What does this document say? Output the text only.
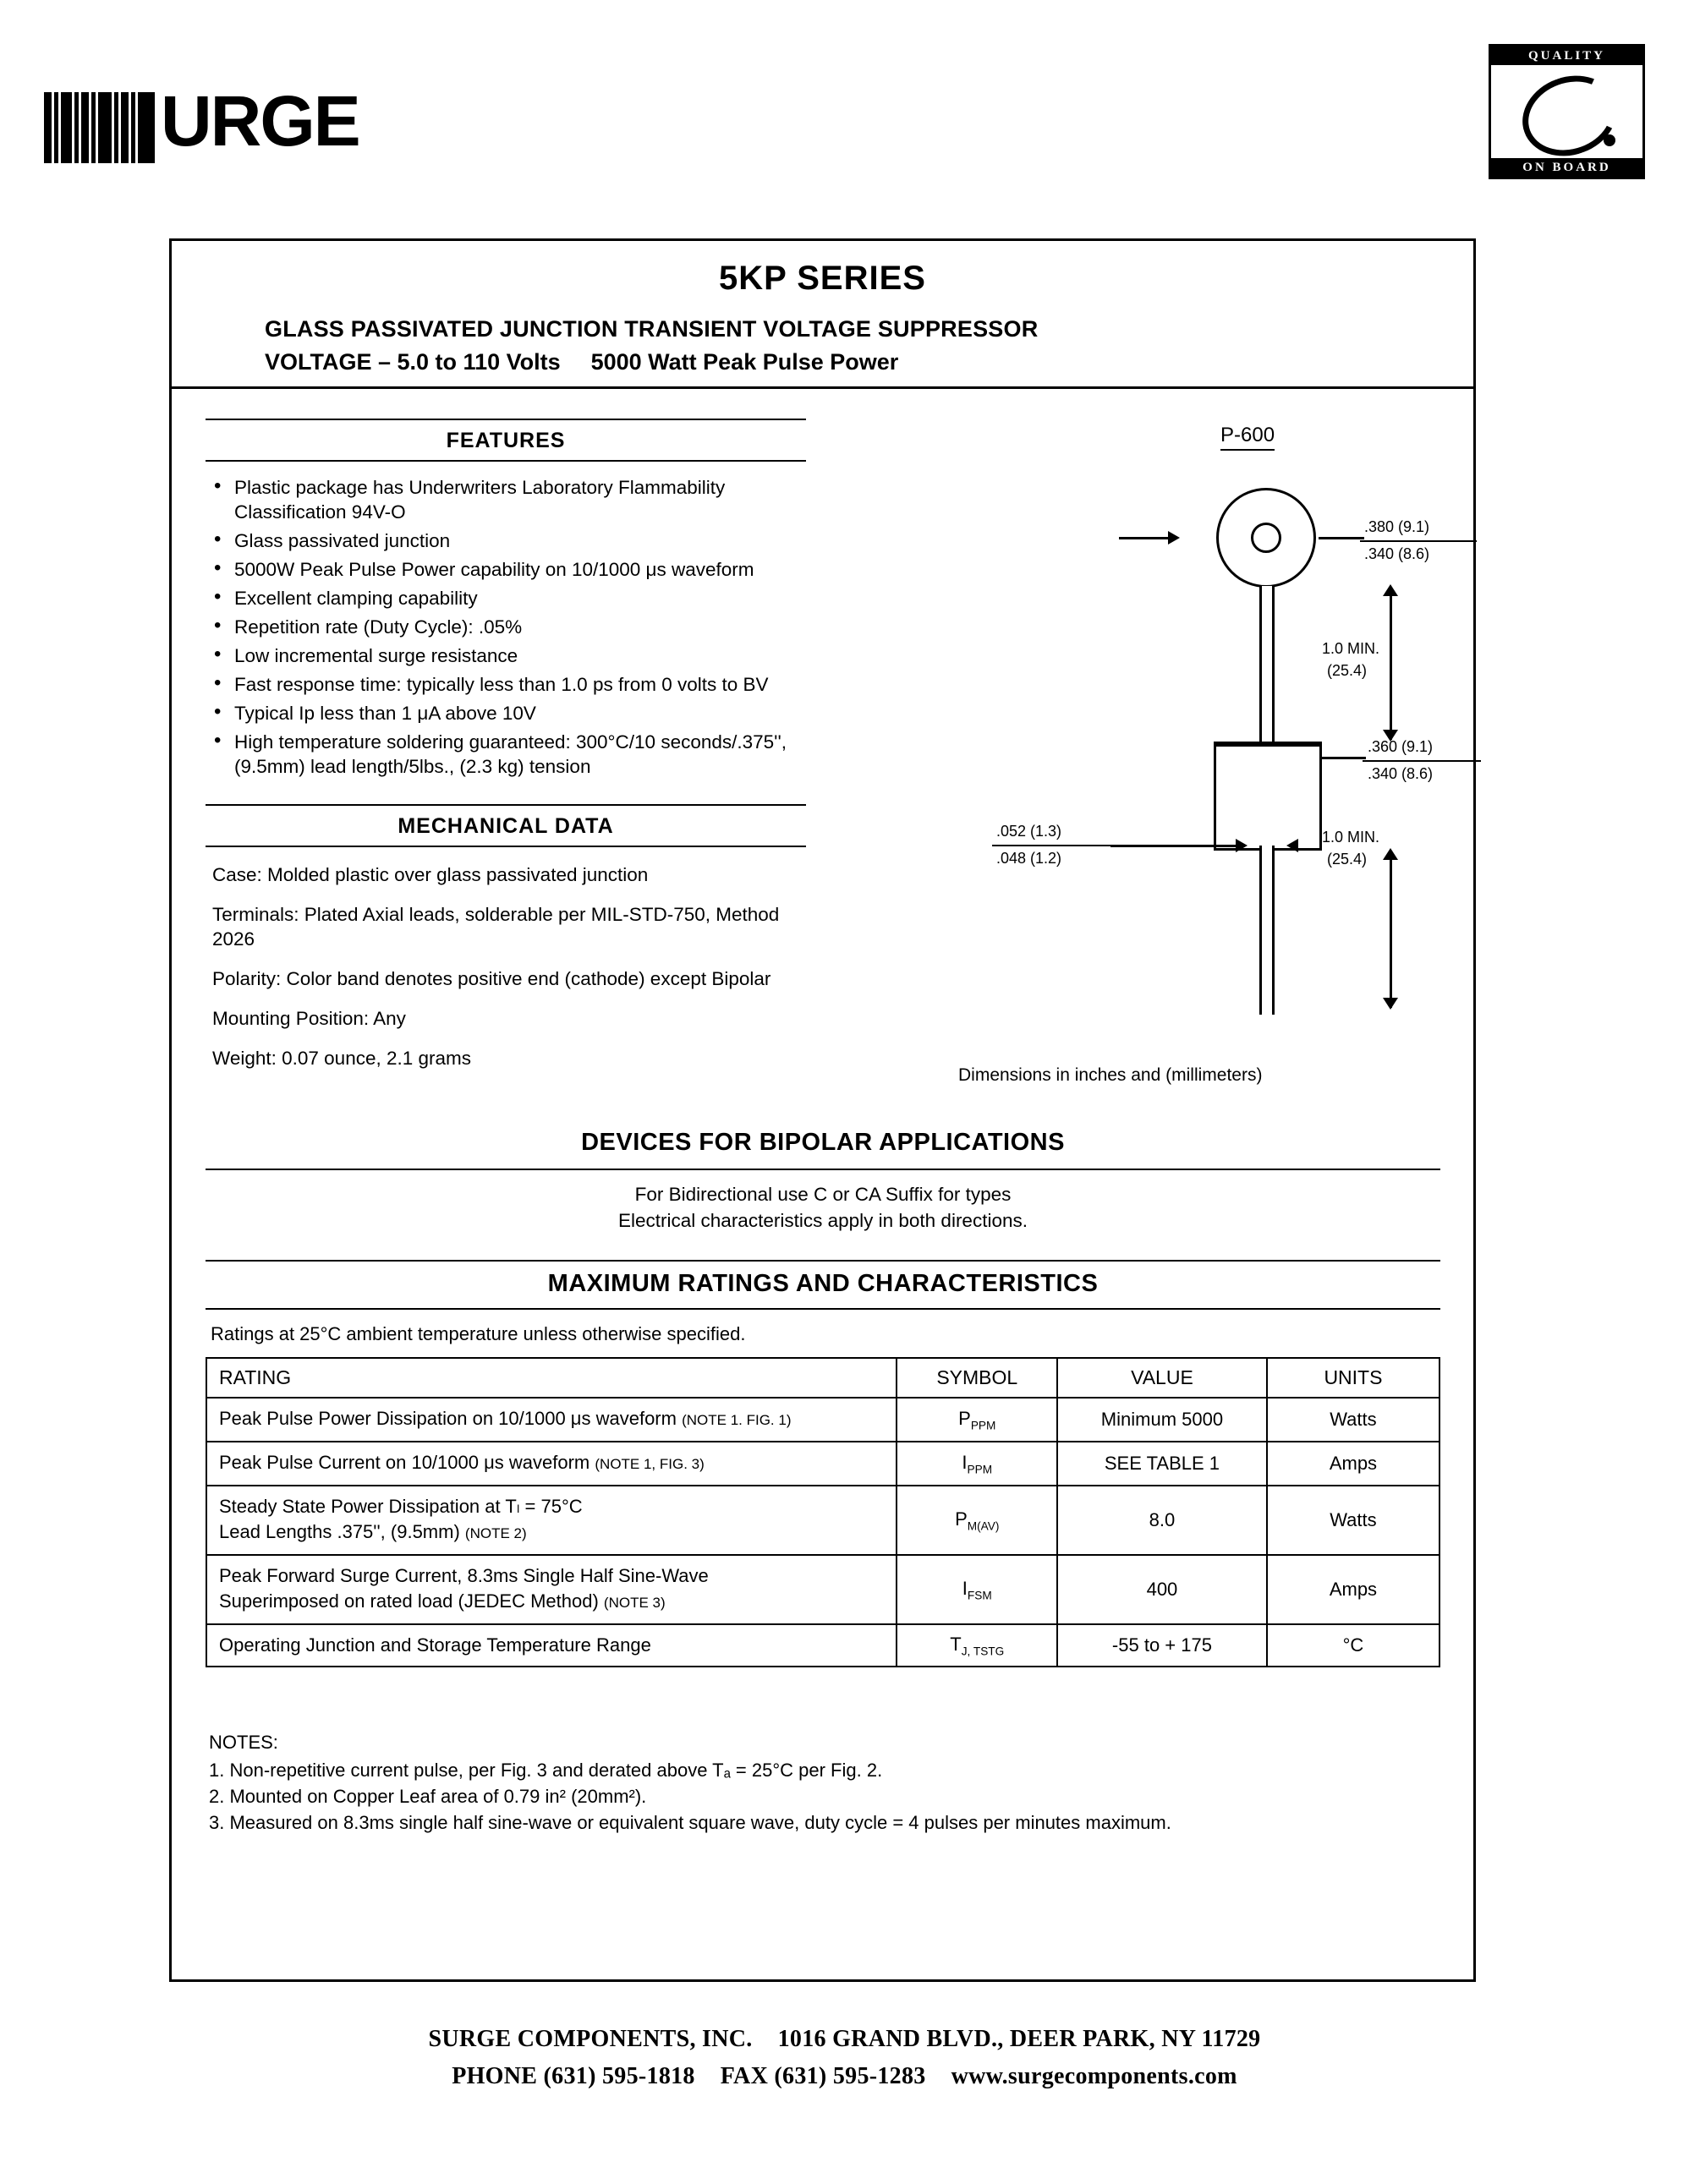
URGE
QUALITY
ON BOARD
5KP SERIES
GLASS PASSIVATED JUNCTION TRANSIENT VOLTAGE SUPPRESSOR
VOLTAGE – 5.0 to 110 Volts 5000 Watt Peak Pulse Power
FEATURES
• Plastic package has Underwriters Laboratory Flammability Classification 94V-O
• Glass passivated junction
• 5000W Peak Pulse Power capability on 10/1000 μs waveform
• Excellent clamping capability
• Repetition rate (Duty Cycle): .05%
• Low incremental surge resistance
• Fast response time: typically less than 1.0 ps from 0 volts to BV
• Typical Ip less than 1 μA above 10V
• High temperature soldering guaranteed: 300°C/10 seconds/.375'', (9.5mm) lead length/5lbs., (2.3 kg) tension
MECHANICAL DATA
Case: Molded plastic over glass passivated junction
Terminals: Plated Axial leads, solderable per MIL-STD-750, Method 2026
Polarity: Color band denotes positive end (cathode) except Bipolar
Mounting Position: Any
Weight: 0.07 ounce, 2.1 grams
P-600
.380 (9.1)
.340 (8.6)
1.0 MIN.
(25.4)
.360 (9.1)
.340 (8.6)
.052 (1.3)
.048 (1.2)
1.0 MIN.
(25.4)
Dimensions in inches and (millimeters)
DEVICES FOR BIPOLAR APPLICATIONS

For Bidirectional use C or CA Suffix for types

Electrical characteristics apply in both directions.

MAXIMUM RATINGS AND CHARACTERISTICS
Ratings at 25°C ambient temperature unless otherwise specified.
RATING	SYMBOL	VALUE	UNITS
Peak Pulse Power Dissipation on 10/1000 μs waveform (NOTE 1. FIG. 1)	$P_{PPM}$	Minimum 5000	Watts
Peak Pulse Current on 10/1000 μs waveform (NOTE 1, FIG. 3)	$I_{PPM}$	SEE TABLE 1	Amps

Steady State Power Dissipation at Tₗ = 75°C
Lead Lengths .375'', (9.5mm) (NOTE 2)	$P_{M(AV)}$	8.0	Watts

Peak Forward Surge Current, 8.3ms Single Half Sine-Wave
Superimposed on rated load (JEDEC Method) (NOTE 3)	$I_{FSM}$	400	Amps
Operating Junction and Storage Temperature Range	$T_{J, TSTG}$	-55 to + 175	°C
NOTES:
1. Non-repetitive current pulse, per Fig. 3 and derated above Tₐ = 25°C per Fig. 2.
2. Mounted on Copper Leaf area of 0.79 in² (20mm²).
3. Measured on 8.3ms single half sine-wave or equivalent square wave, duty cycle = 4 pulses per minutes maximum.
SURGE COMPONENTS, INC. 1016 GRAND BLVD., DEER PARK, NY 11729
PHONE (631) 595-1818 FAX (631) 595-1283 www.surgecomponents.com
